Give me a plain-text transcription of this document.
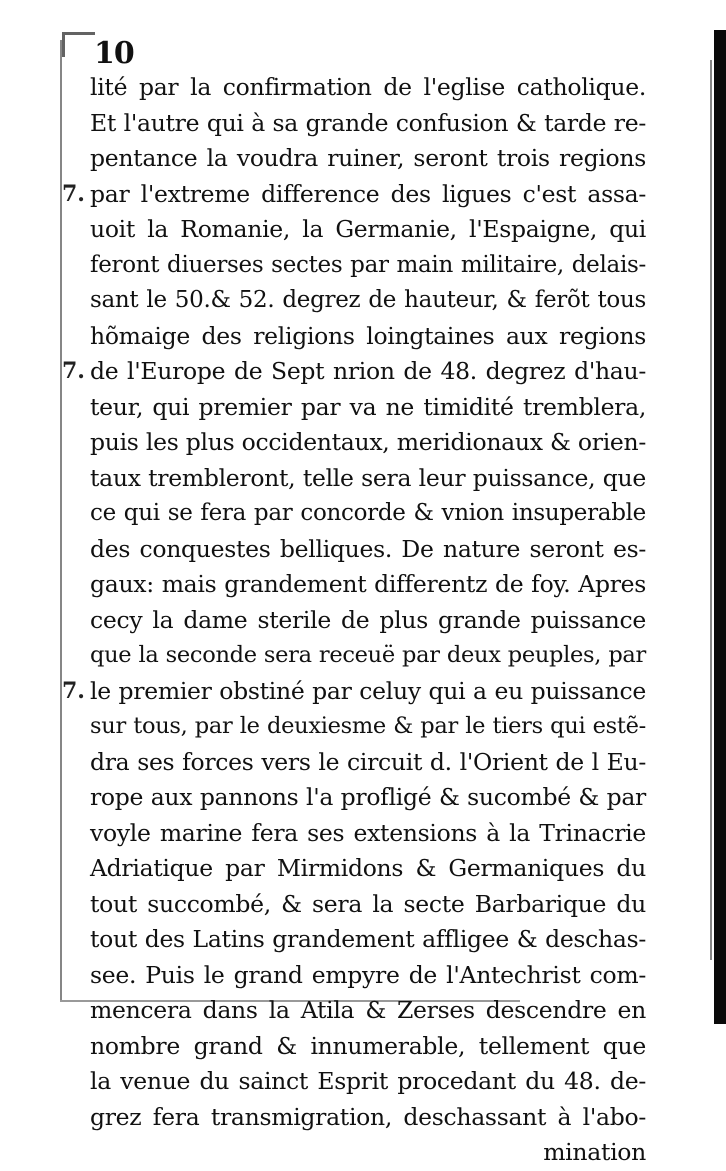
10
7.
7.
7.
lité par la confirmation de l'eglise catholique.
Et l'autre qui à sa grande confusion & tarde re-
pentance la voudra ruiner, seront trois regions
par l'extreme difference des ligues c'est assa-
uoit la Romanie, la Germanie, l'Espaigne, qui
feront diuerses sectes par main militaire, delais-
sant le 50.& 52. degrez de hauteur, & ferõt tous
hõmaige des religions loingtaines aux regions
de l'Europe de Sept nrion de 48. degrez d'hau-
teur, qui premier par va ne timidité tremblera,
puis les plus occidentaux, meridionaux & orien-
taux trembleront, telle sera leur puissance, que
ce qui se fera par concorde & vnion insuperable
des conquestes belliques. De nature seront es-
gaux: mais grandement differentz de foy. Apres
cecy la dame sterile de plus grande puissance
que la seconde sera receuë par deux peuples, par
le premier obstiné par celuy qui a eu puissance
sur tous, par le deuxiesme & par le tiers qui estẽ-
dra ses forces vers le circuit d. l'Orient de l Eu-
rope aux pannons l'a profligé & sucombé & par
voyle marine fera ses extensions à la Trinacrie
Adriatique par Mirmidons & Germaniques du
tout succombé, & sera la secte Barbarique du
tout des Latins grandement affligee & deschas-
see. Puis le grand empyre de l'Antechrist com-
mencera dans la Atila & Zerses descendre en
nombre grand & innumerable, tellement que
la venue du sainct Esprit procedant du 48. de-
grez fera transmigration, deschassant à l'abo-
mination
